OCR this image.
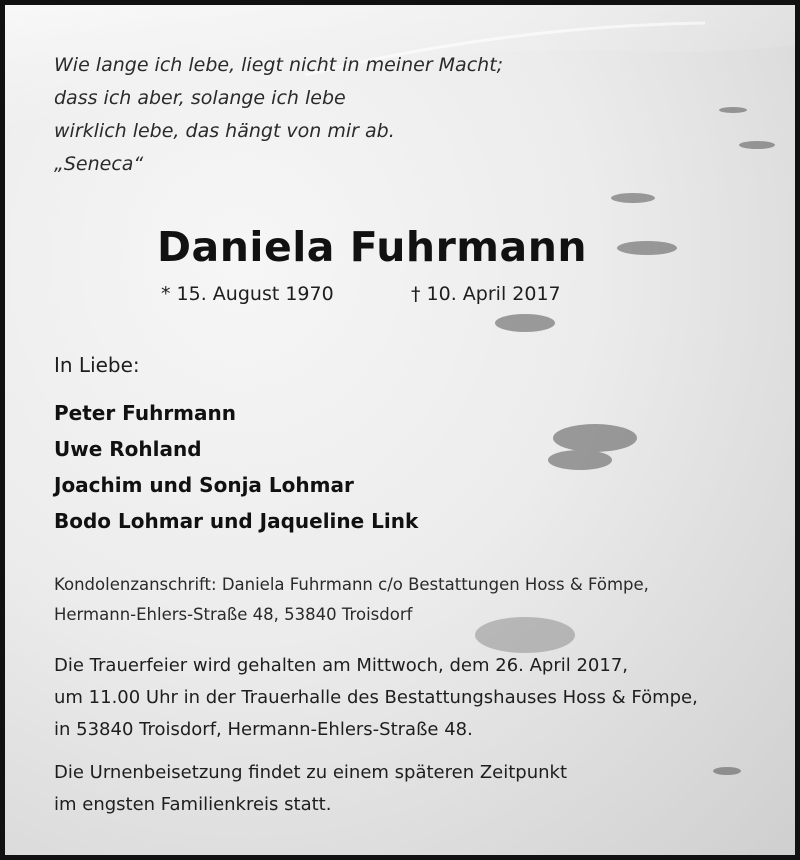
Wie lange ich lebe, liegt nicht in meiner Macht;
dass ich aber, solange ich lebe
wirklich lebe, das hängt von mir ab.
„Seneca“
Daniela Fuhrmann
* 15. August 1970	† 10. April 2017
In Liebe:
Peter Fuhrmann
Uwe Rohland
Joachim und Sonja Lohmar
Bodo Lohmar und Jaqueline Link
Kondolenzanschrift: Daniela Fuhrmann c/o Bestattungen Hoss & Fömpe,
Hermann-Ehlers-Straße 48, 53840 Troisdorf
Die Trauerfeier wird gehalten am Mittwoch, dem 26. April 2017,
um 11.00 Uhr in der Trauerhalle des Bestattungshauses Hoss & Fömpe,
in 53840 Troisdorf, Hermann-Ehlers-Straße 48.
Die Urnenbeisetzung findet zu einem späteren Zeitpunkt
im engsten Familienkreis statt.
